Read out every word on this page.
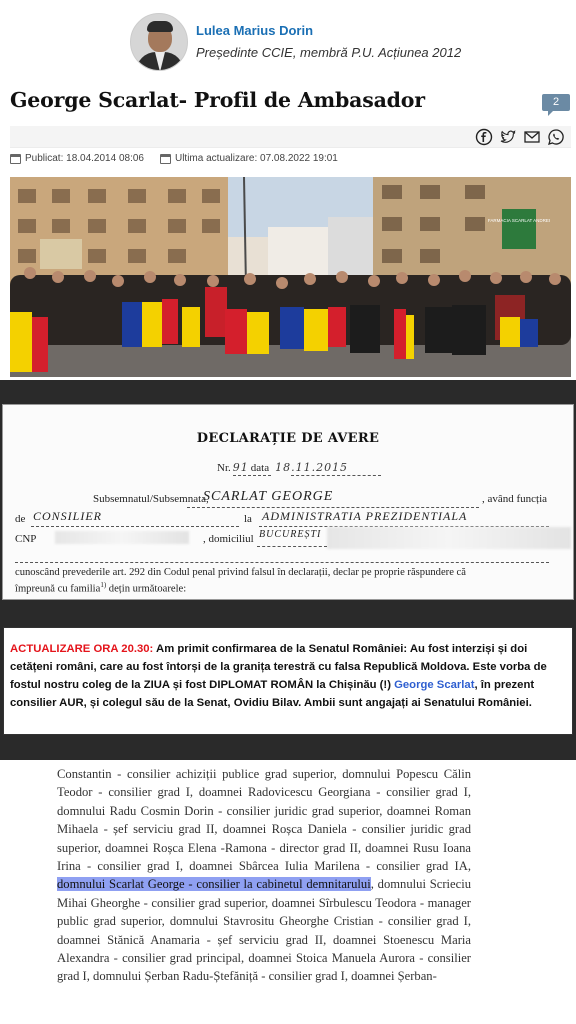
Lulea Marius Dorin
Președinte CCIE, membră P.U. Acțiunea 2012
George Scarlat- Profil de Ambasador	2
Publicat: 18.04.2014 08:06	Ultima actualizare: 07.08.2022 19:01
FARMACIA SCARLAT ANDREI
DECLARAȚIE DE AVERE
Nr. 91 data 18.11.2015
Subsemnatul/Subsemnata,
SCARLAT GEORGE	, având funcția
de CONSILIER	la ADMINISTRATIA PREZIDENTIALA
CNP	, domiciliul BUCUREȘTI
cunoscând prevederile art. 292 din Codul penal privind falsul în declarații, declar pe proprie răspundere că
împreună cu familia$^{1)}$ dețin următoarele:

ACTUALIZARE ORA 20.30: Am primit confirmarea de la Senatul României: Au fost interziși și doi cetățeni români, care au fost întorși de la granița terestră cu falsa Republică Moldova. Este vorba de fostul nostru coleg de la ZIUA și fost DIPLOMAT ROMÂN la Chișinău (!) George Scarlat, în prezent consilier AUR, și colegul său de la Senat, Ovidiu Bilav. Ambii sunt angajați ai Senatului României.

Constantin - consilier achiziții publice grad superior, domnului Popescu Călin Teodor - consilier grad I, doamnei Radovicescu Georgiana - consilier grad I, domnului Radu Cosmin Dorin - consilier juridic grad superior, doamnei Roman Mihaela - șef serviciu grad II, doamnei Roșca Daniela - consilier juridic grad superior, doamnei Roșca Elena -Ramona - director grad II, doamnei Rusu Ioana Irina - consilier grad I, doamnei Sbârcea Iulia Marilena - consilier grad IA, domnului Scarlat George - consilier la cabinetul demnitarului, domnului Scrieciu Mihai Gheorghe - consilier grad superior, doamnei Sîrbulescu Teodora - manager public grad superior, domnului Stavrositu Gheorghe Cristian - consilier grad I, doamnei Stănică Anamaria - șef serviciu grad II, doamnei Stoenescu Maria Alexandra - consilier grad principal, doamnei Stoica Manuela Aurora - consilier grad I, domnului Șerban Radu-Ștefăniță - consilier grad I, doamnei Șerban-
